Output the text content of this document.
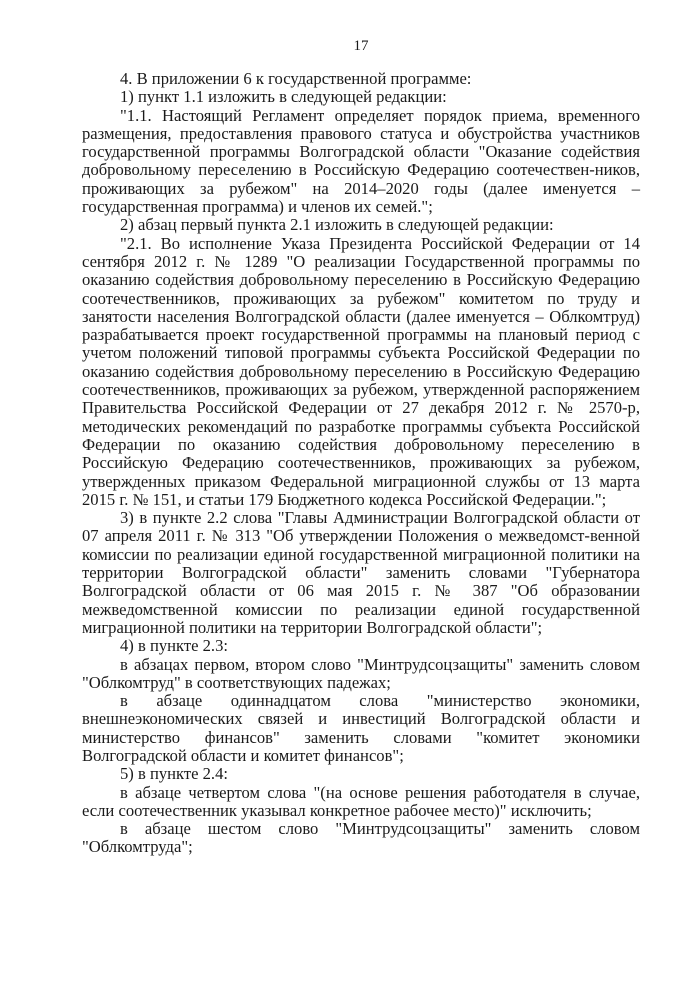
17

4. В приложении 6 к государственной программе:

1) пункт 1.1 изложить в следующей редакции:

"1.1. Настоящий Регламент определяет порядок приема, временного размещения, предоставления правового статуса и обустройства участников государственной программы Волгоградской области "Оказание содействия добровольному переселению в Российскую Федерацию соотечествен-ников, проживающих за рубежом" на 2014–2020 годы (далее именуется – государственная программа) и членов их семей.";

2) абзац первый пункта 2.1 изложить в следующей редакции:

"2.1. Во исполнение Указа Президента Российской Федерации от 14 сентября 2012 г. № 1289 "О реализации Государственной программы по оказанию содействия добровольному переселению в Российскую Федерацию соотечественников, проживающих за рубежом" комитетом по труду и занятости населения Волгоградской области (далее именуется – Облкомтруд) разрабатывается проект государственной программы на плановый период с учетом положений типовой программы субъекта Российской Федерации по оказанию содействия добровольному переселению в Российскую Федерацию соотечественников, проживающих за рубежом, утвержденной распоряжением Правительства Российской Федерации от 27 декабря 2012 г. № 2570-р, методических рекомендаций по разработке программы субъекта Российской Федерации по оказанию содействия добровольному переселению в Российскую Федерацию соотечественников, проживающих за рубежом, утвержденных приказом Федеральной миграционной службы от 13 марта 2015 г. № 151, и статьи 179 Бюджетного кодекса Российской Федерации.";

3) в пункте 2.2 слова "Главы Администрации Волгоградской области от 07 апреля 2011 г. № 313 "Об утверждении Положения о межведомст-венной комиссии по реализации единой государственной миграционной политики на территории Волгоградской области" заменить словами "Губернатора Волгоградской области от 06 мая 2015 г. № 387 "Об образовании межведомственной комиссии по реализации единой государственной миграционной политики на территории Волгоградской области";

4) в пункте 2.3:

в абзацах первом, втором слово "Минтрудсоцзащиты" заменить словом "Облкомтруд" в соответствующих падежах;

в абзаце одиннадцатом слова "министерство экономики, внешнеэкономических связей и инвестиций Волгоградской области и министерство финансов" заменить словами "комитет экономики Волгоградской области и комитет финансов";

5) в пункте 2.4:

в абзаце четвертом слова "(на основе решения работодателя в случае, если соотечественник указывал конкретное рабочее место)" исключить;

в абзаце шестом слово "Минтрудсоцзащиты" заменить словом "Облкомтруда";
